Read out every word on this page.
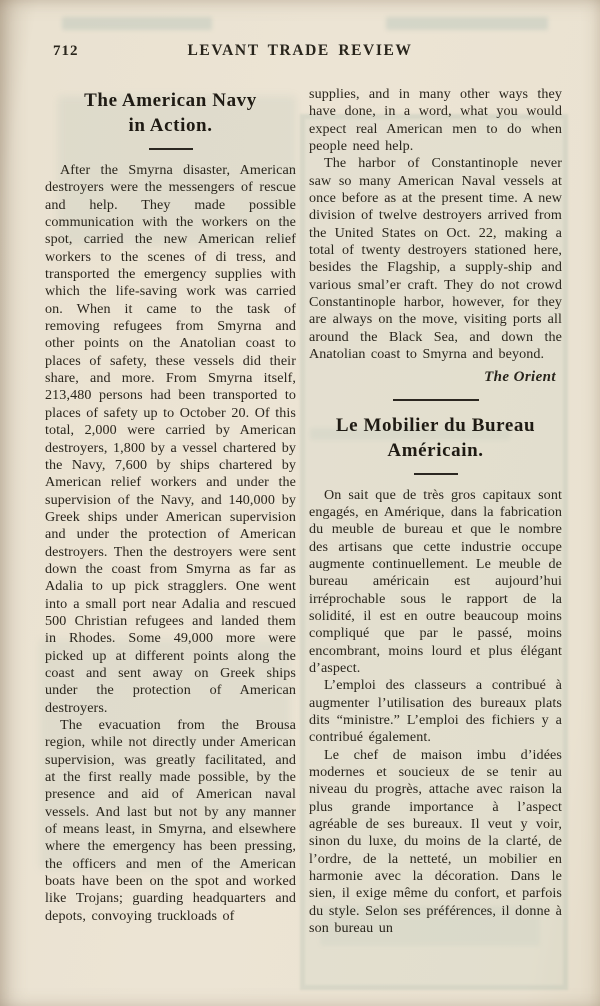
712	LEVANT TRADE REVIEW
The American Navy
in Action.

After the Smyrna disaster, American destroyers were the messengers of rescue and help. They made possible communication with the workers on the spot, carried the new American relief workers to the scenes of di tress, and transported the emergency supplies with which the life-saving work was carried on. When it came to the task of removing refugees from Smyrna and other points on the Anatolian coast to places of safety, these vessels did their share, and more. From Smyrna itself, 213,480 persons had been transported to places of safety up to October 20. Of this total, 2,000 were carried by American destroyers, 1,800 by a vessel chartered by the Navy, 7,600 by ships chartered by American relief workers and under the supervision of the Navy, and 140,000 by Greek ships under American supervision and under the protection of American destroyers. Then the destroyers were sent down the coast from Smyrna as far as Adalia to up pick stragglers. One went into a small port near Adalia and rescued 500 Christian refugees and landed them in Rhodes. Some 49,000 more were picked up at different points along the coast and sent away on Greek ships under the protection of American destroyers.

The evacuation from the Brousa region, while not directly under American supervision, was greatly facilitated, and at the first really made possible, by the presence and aid of American naval vessels. And last but not by any manner of means least, in Smyrna, and elsewhere where the emergency has been pressing, the officers and men of the American boats have been on the spot and worked like Trojans; guarding headquarters and depots, convoying truckloads of

supplies, and in many other ways they have done, in a word, what you would expect real American men to do when people need help.

The harbor of Constantinople never saw so many American Naval vessels at once before as at the present time. A new division of twelve destroyers arrived from the United States on Oct. 22, making a total of twenty destroyers stationed here, besides the Flagship, a supply-ship and various smal’er craft. They do not crowd Constantinople harbor, however, for they are always on the move, visiting ports all around the Black Sea, and down the Anatolian coast to Smyrna and beyond.

The Orient

Le Mobilier du Bureau
Américain.

On sait que de très gros capitaux sont engagés, en Amérique, dans la fabrication du meuble de bureau et que le nombre des artisans que cette industrie occupe augmente continuellement. Le meuble de bureau américain est aujourd’hui irréprochable sous le rapport de la solidité, il est en outre beaucoup moins compliqué que par le passé, moins encombrant, moins lourd et plus élégant d’aspect.

L’emploi des classeurs a contribué à augmenter l’utilisation des bureaux plats dits “ministre.” L’emploi des fichiers y a contribué également.

Le chef de maison imbu d’idées modernes et soucieux de se tenir au niveau du progrès, attache avec raison la plus grande importance à l’aspect agréable de ses bureaux. Il veut y voir, sinon du luxe, du moins de la clarté, de l’ordre, de la netteté, un mobilier en harmonie avec la décoration. Dans le sien, il exige même du confort, et parfois du style. Selon ses préférences, il donne à son bureau un
